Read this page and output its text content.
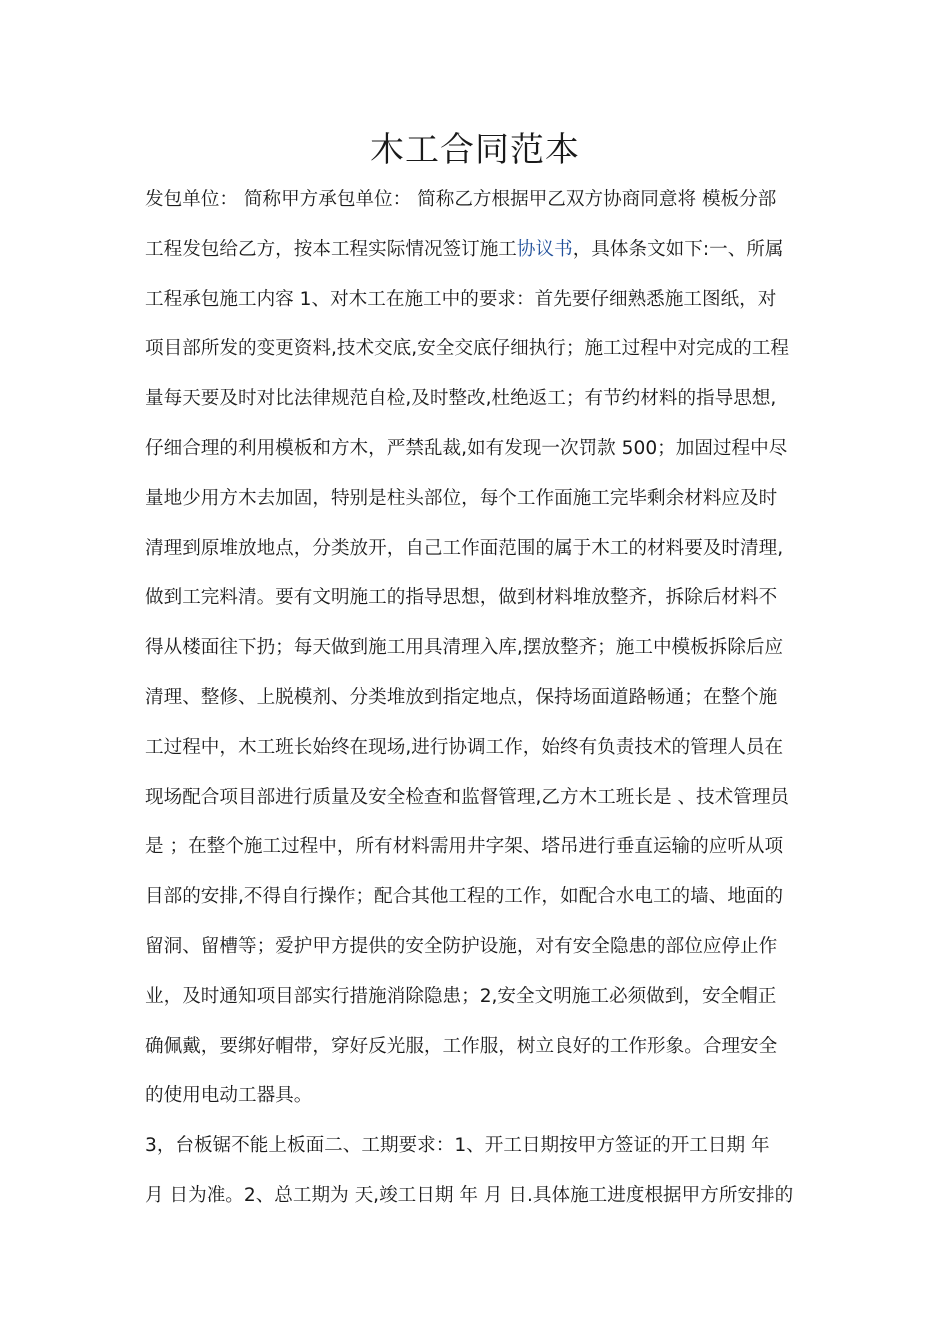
木工合同范本
发包单位： 简称甲方承包单位： 简称乙方根据甲乙双方协商同意将 模板分部
工程发包给乙方，按本工程实际情况签订施工协议书，具体条文如下:一、所属
工程承包施工内容 1、对木工在施工中的要求：首先要仔细熟悉施工图纸，对
项目部所发的变更资料,技术交底,安全交底仔细执行；施工过程中对完成的工程
量每天要及时对比法律规范自检,及时整改,杜绝返工；有节约材料的指导思想,
仔细合理的利用模板和方木，严禁乱裁,如有发现一次罚款 500；加固过程中尽
量地少用方木去加固，特别是柱头部位，每个工作面施工完毕剩余材料应及时
清理到原堆放地点，分类放开，自己工作面范围的属于木工的材料要及时清理,
做到工完料清。要有文明施工的指导思想，做到材料堆放整齐，拆除后材料不
得从楼面往下扔；每天做到施工用具清理入库,摆放整齐；施工中模板拆除后应
清理、整修、上脱模剂、分类堆放到指定地点，保持场面道路畅通；在整个施
工过程中，木工班长始终在现场,进行协调工作，始终有负责技术的管理人员在
现场配合项目部进行质量及安全检查和监督管理,乙方木工班长是 、技术管理员
是 ；在整个施工过程中，所有材料需用井字架、塔吊进行垂直运输的应听从项
目部的安排,不得自行操作；配合其他工程的工作，如配合水电工的墙、地面的
留洞、留槽等；爱护甲方提供的安全防护设施，对有安全隐患的部位应停止作
业，及时通知项目部实行措施消除隐患；2,安全文明施工必须做到，安全帽正
确佩戴，要绑好帽带，穿好反光服，工作服，树立良好的工作形象。合理安全
的使用电动工器具。
3，台板锯不能上板面二、工期要求：1、开工日期按甲方签证的开工日期 年
月 日为准。2、总工期为 天,竣工日期 年 月 日.具体施工进度根据甲方所安排的
